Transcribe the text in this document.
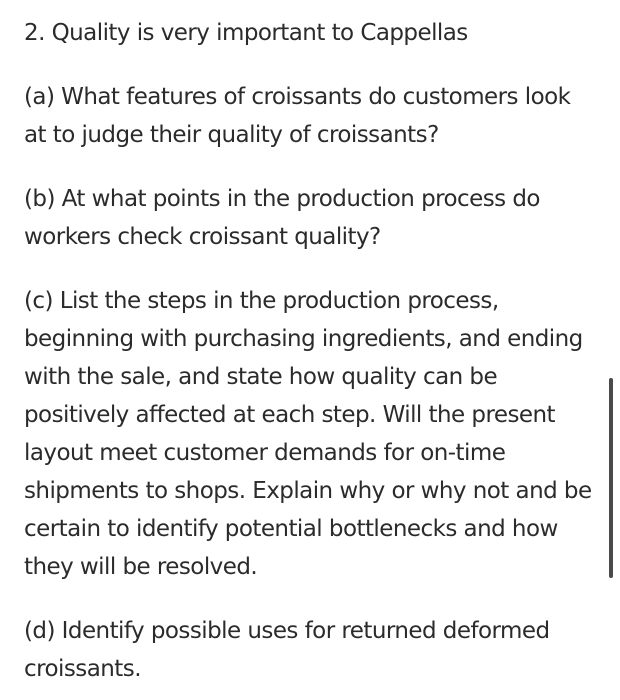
2. Quality is very important to Cappellas

(a) What features of croissants do customers look at to judge their quality of croissants?

(b) At what points in the production process do workers check croissant quality?

(c) List the steps in the production process, beginning with purchasing ingredients, and ending with the sale, and state how quality can be positively affected at each step. Will the present layout meet customer demands for on-time shipments to shops. Explain why or why not and be certain to identify potential bottlenecks and how they will be resolved.

(d) Identify possible uses for returned deformed croissants.
